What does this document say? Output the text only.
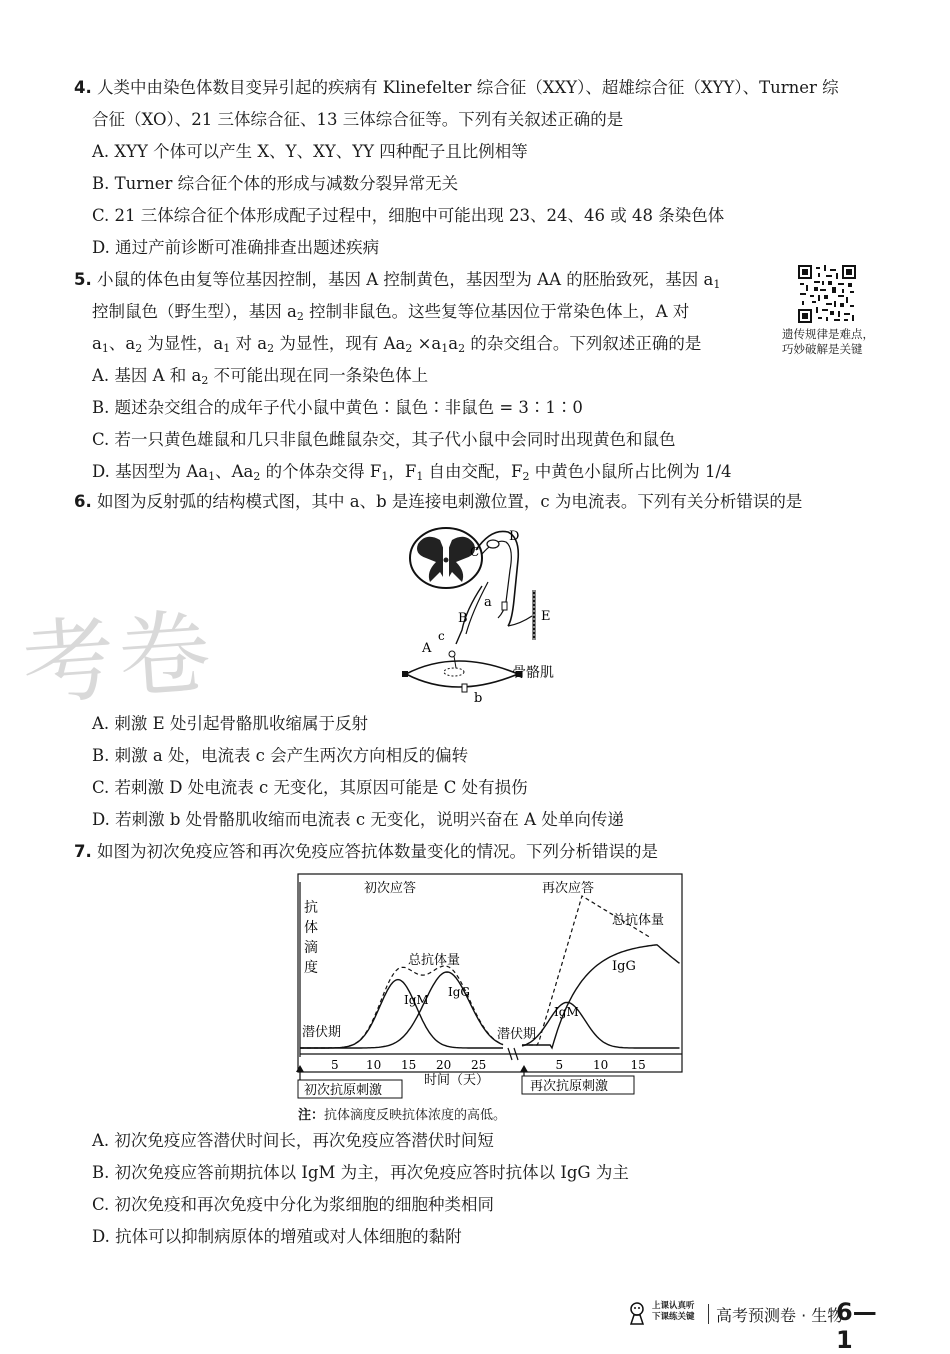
4. 人类中由染色体数目变异引起的疾病有 Klinefelter 综合征（XXY）、超雄综合征（XYY）、Turner 综
合征（XO）、21 三体综合征、13 三体综合征等。下列有关叙述正确的是
A. XYY 个体可以产生 X、Y、XY、YY 四种配子且比例相等
B. Turner 综合征个体的形成与减数分裂异常无关
C. 21 三体综合征个体形成配子过程中，细胞中可能出现 23、24、46 或 48 条染色体
D. 通过产前诊断可准确排查出题述疾病
5. 小鼠的体色由复等位基因控制，基因 A 控制黄色，基因型为 AA 的胚胎致死，基因 $a_1$
控制鼠色（野生型），基因 $a_2$ 控制非鼠色。这些复等位基因位于常染色体上，A 对
$a_1$、$a_2$ 为显性，$a_1$ 对 $a_2$ 为显性，现有 $Aa_2 \times a_1a_2$ 的杂交组合。下列叙述正确的是
A. 基因 A 和 $a_2$ 不可能出现在同一条染色体上
B. 题述杂交组合的成年子代小鼠中黄色∶鼠色∶非鼠色 = 3∶1∶0
C. 若一只黄色雄鼠和几只非鼠色雌鼠杂交，其子代小鼠中会同时出现黄色和鼠色
D. 基因型为 $Aa_1$、$Aa_2$ 的个体杂交得 $F_1$，$F_1$ 自由交配，$F_2$ 中黄色小鼠所占比例为 1/4
遗传规律是难点，
巧妙破解是关键
6. 如图为反射弧的结构模式图，其中 a、b 是连接电刺激位置，c 为电流表。下列有关分析错误的是
D
C
E
a
B
A
c
b
骨骼肌
考卷
A. 刺激 E 处引起骨骼肌收缩属于反射
B. 刺激 a 处，电流表 c 会产生两次方向相反的偏转
C. 若刺激 D 处电流表 c 无变化，其原因可能是 C 处有损伤
D. 若刺激 b 处骨骼肌收缩而电流表 c 无变化，说明兴奋在 A 处单向传递
7. 如图为初次免疫应答和再次免疫应答抗体数量变化的情况。下列分析错误的是
5 10 15 20 25	5 10 15
初次应答	再次应答
抗
体
滴
度	总抗体量
总抗体量
IgM
IgG
IgM
IgG
潜伏期	潜伏期
时间（天）
初次抗原刺激	再次抗原刺激
注：抗体滴度反映抗体浓度的高低。
A. 初次免疫应答潜伏时间长，再次免疫应答潜伏时间短
B. 初次免疫应答前期抗体以 IgM 为主，再次免疫应答时抗体以 IgG 为主
C. 初次免疫和再次免疫中分化为浆细胞的细胞种类相同
D. 抗体可以抑制病原体的增殖或对人体细胞的黏附
上课认真听
下课练关键 高考预测卷 · 生物
6—1
